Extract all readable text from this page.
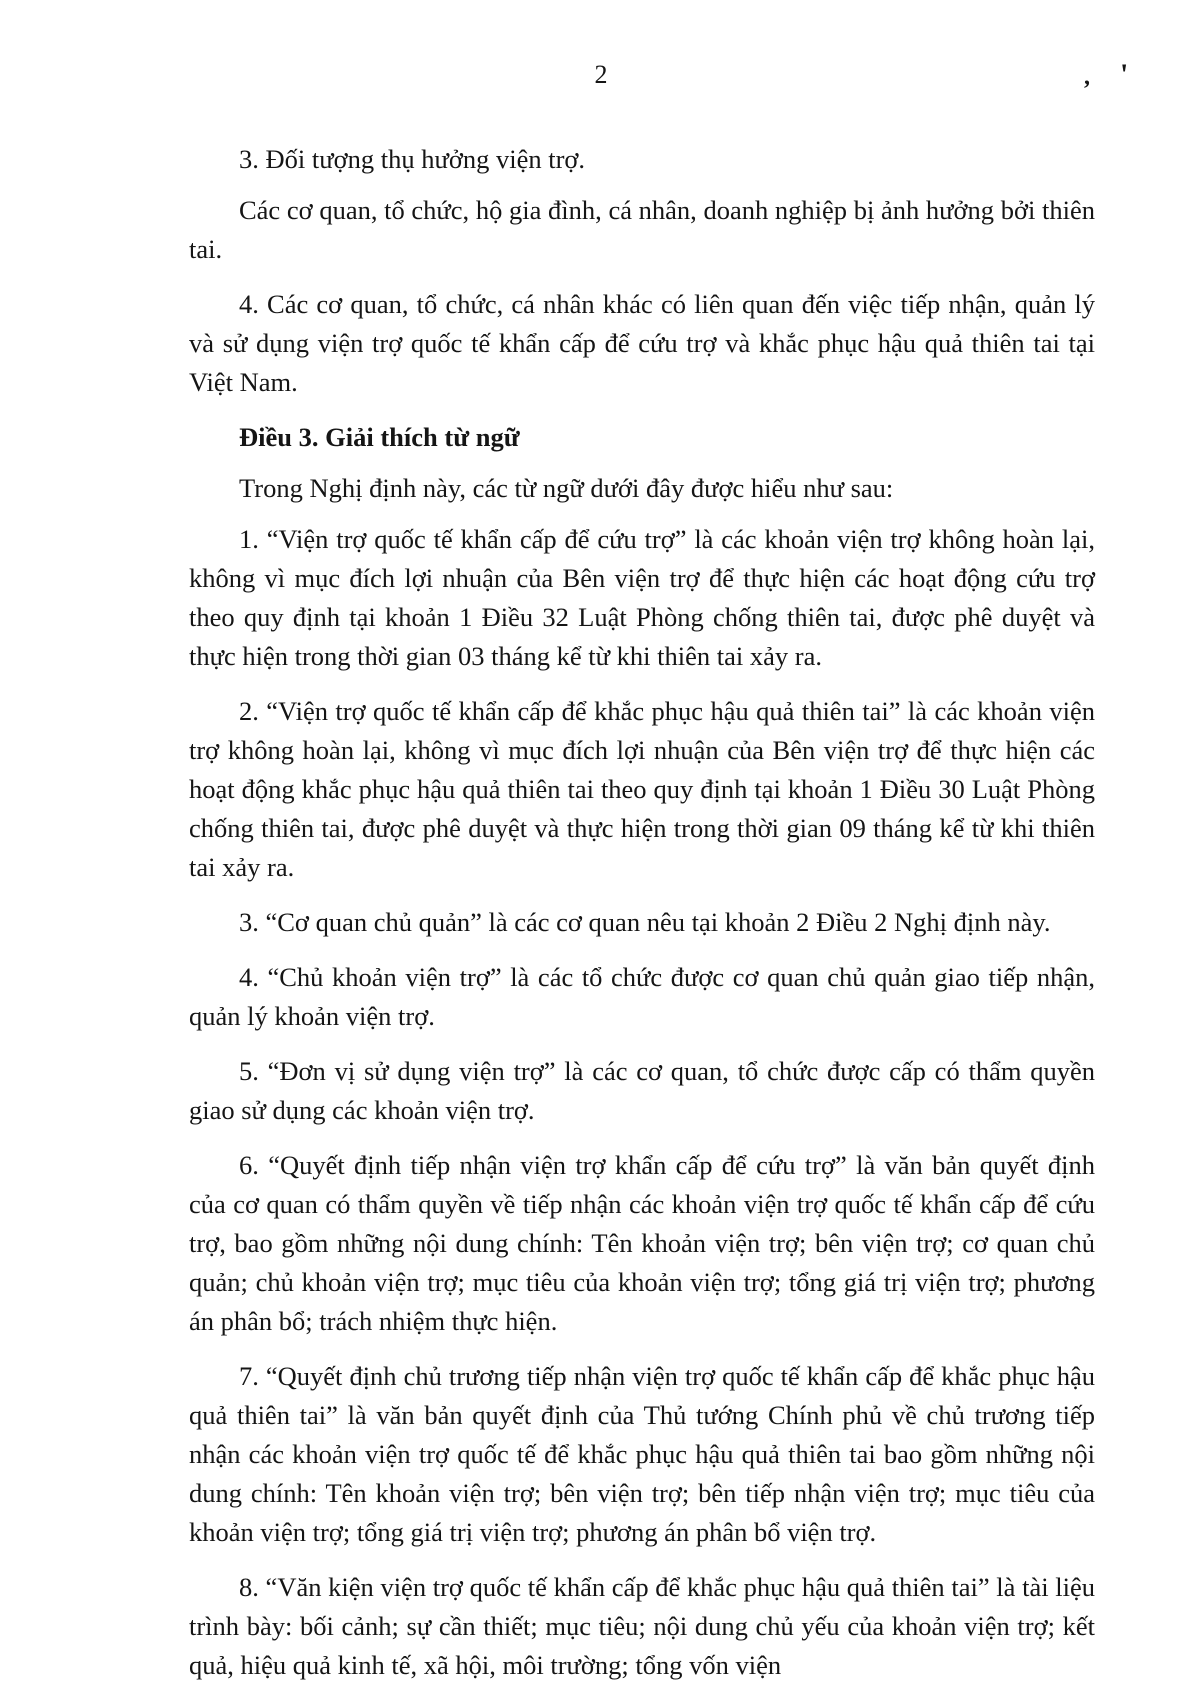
2	, '

3. Đối tượng thụ hưởng viện trợ.

Các cơ quan, tổ chức, hộ gia đình, cá nhân, doanh nghiệp bị ảnh hưởng bởi thiên tai.

4. Các cơ quan, tổ chức, cá nhân khác có liên quan đến việc tiếp nhận, quản lý và sử dụng viện trợ quốc tế khẩn cấp để cứu trợ và khắc phục hậu quả thiên tai tại Việt Nam.

Điều 3. Giải thích từ ngữ

Trong Nghị định này, các từ ngữ dưới đây được hiểu như sau:

1. “Viện trợ quốc tế khẩn cấp để cứu trợ” là các khoản viện trợ không hoàn lại, không vì mục đích lợi nhuận của Bên viện trợ để thực hiện các hoạt động cứu trợ theo quy định tại khoản 1 Điều 32 Luật Phòng chống thiên tai, được phê duyệt và thực hiện trong thời gian 03 tháng kể từ khi thiên tai xảy ra.

2. “Viện trợ quốc tế khẩn cấp để khắc phục hậu quả thiên tai” là các khoản viện trợ không hoàn lại, không vì mục đích lợi nhuận của Bên viện trợ để thực hiện các hoạt động khắc phục hậu quả thiên tai theo quy định tại khoản 1 Điều 30 Luật Phòng chống thiên tai, được phê duyệt và thực hiện trong thời gian 09 tháng kể từ khi thiên tai xảy ra.

3. “Cơ quan chủ quản” là các cơ quan nêu tại khoản 2 Điều 2 Nghị định này.

4. “Chủ khoản viện trợ” là các tổ chức được cơ quan chủ quản giao tiếp nhận, quản lý khoản viện trợ.

5. “Đơn vị sử dụng viện trợ” là các cơ quan, tổ chức được cấp có thẩm quyền giao sử dụng các khoản viện trợ.

6. “Quyết định tiếp nhận viện trợ khẩn cấp để cứu trợ” là văn bản quyết định của cơ quan có thẩm quyền về tiếp nhận các khoản viện trợ quốc tế khẩn cấp để cứu trợ, bao gồm những nội dung chính: Tên khoản viện trợ; bên viện trợ; cơ quan chủ quản; chủ khoản viện trợ; mục tiêu của khoản viện trợ; tổng giá trị viện trợ; phương án phân bổ; trách nhiệm thực hiện.

7. “Quyết định chủ trương tiếp nhận viện trợ quốc tế khẩn cấp để khắc phục hậu quả thiên tai” là văn bản quyết định của Thủ tướng Chính phủ về chủ trương tiếp nhận các khoản viện trợ quốc tế để khắc phục hậu quả thiên tai bao gồm những nội dung chính: Tên khoản viện trợ; bên viện trợ; bên tiếp nhận viện trợ; mục tiêu của khoản viện trợ; tổng giá trị viện trợ; phương án phân bổ viện trợ.

8. “Văn kiện viện trợ quốc tế khẩn cấp để khắc phục hậu quả thiên tai” là tài liệu trình bày: bối cảnh; sự cần thiết; mục tiêu; nội dung chủ yếu của khoản viện trợ; kết quả, hiệu quả kinh tế, xã hội, môi trường; tổng vốn viện
